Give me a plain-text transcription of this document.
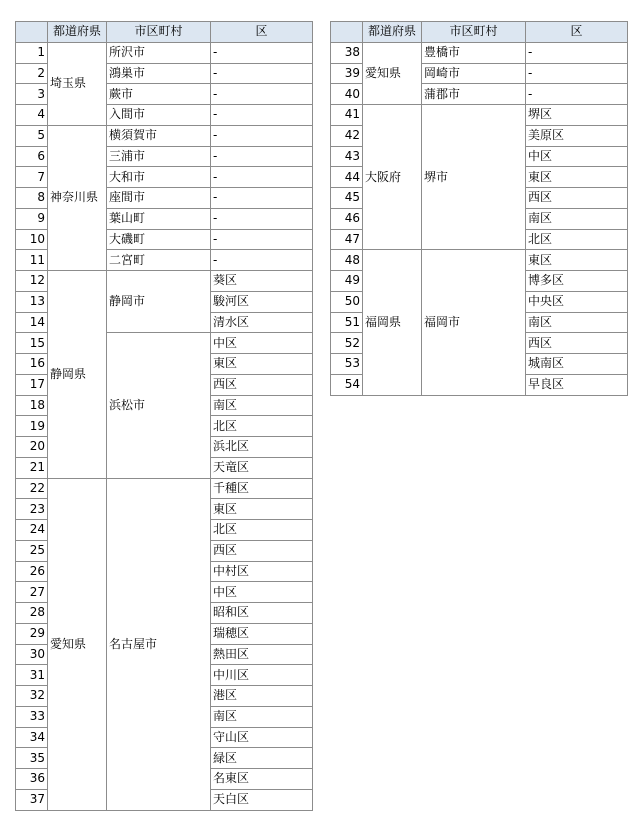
	都道府県	市区町村	区
1	埼玉県	所沢市	-
2		鴻巣市	-
3		蕨市	-
4		入間市	-
5	神奈川県	横須賀市	-
6		三浦市	-
7		大和市	-
8		座間市	-
9		葉山町	-
10		大磯町	-
11		二宮町	-
12	静岡県	静岡市	葵区
13			駿河区
14			清水区
15		浜松市	中区
16			東区
17			西区
18			南区
19			北区
20			浜北区
21			天竜区
22	愛知県	名古屋市	千種区
23			東区
24			北区
25			西区
26			中村区
27			中区
28			昭和区
29			瑞穂区
30			熱田区
31			中川区
32			港区
33			南区
34			守山区
35			緑区
36			名東区
37			天白区
	都道府県	市区町村	区
38	愛知県	豊橋市	-
39		岡崎市	-
40		蒲郡市	-
41	大阪府	堺市	堺区
42			美原区
43			中区
44			東区
45			西区
46			南区
47			北区
48	福岡県	福岡市	東区
49			博多区
50			中央区
51			南区
52			西区
53			城南区
54			早良区
